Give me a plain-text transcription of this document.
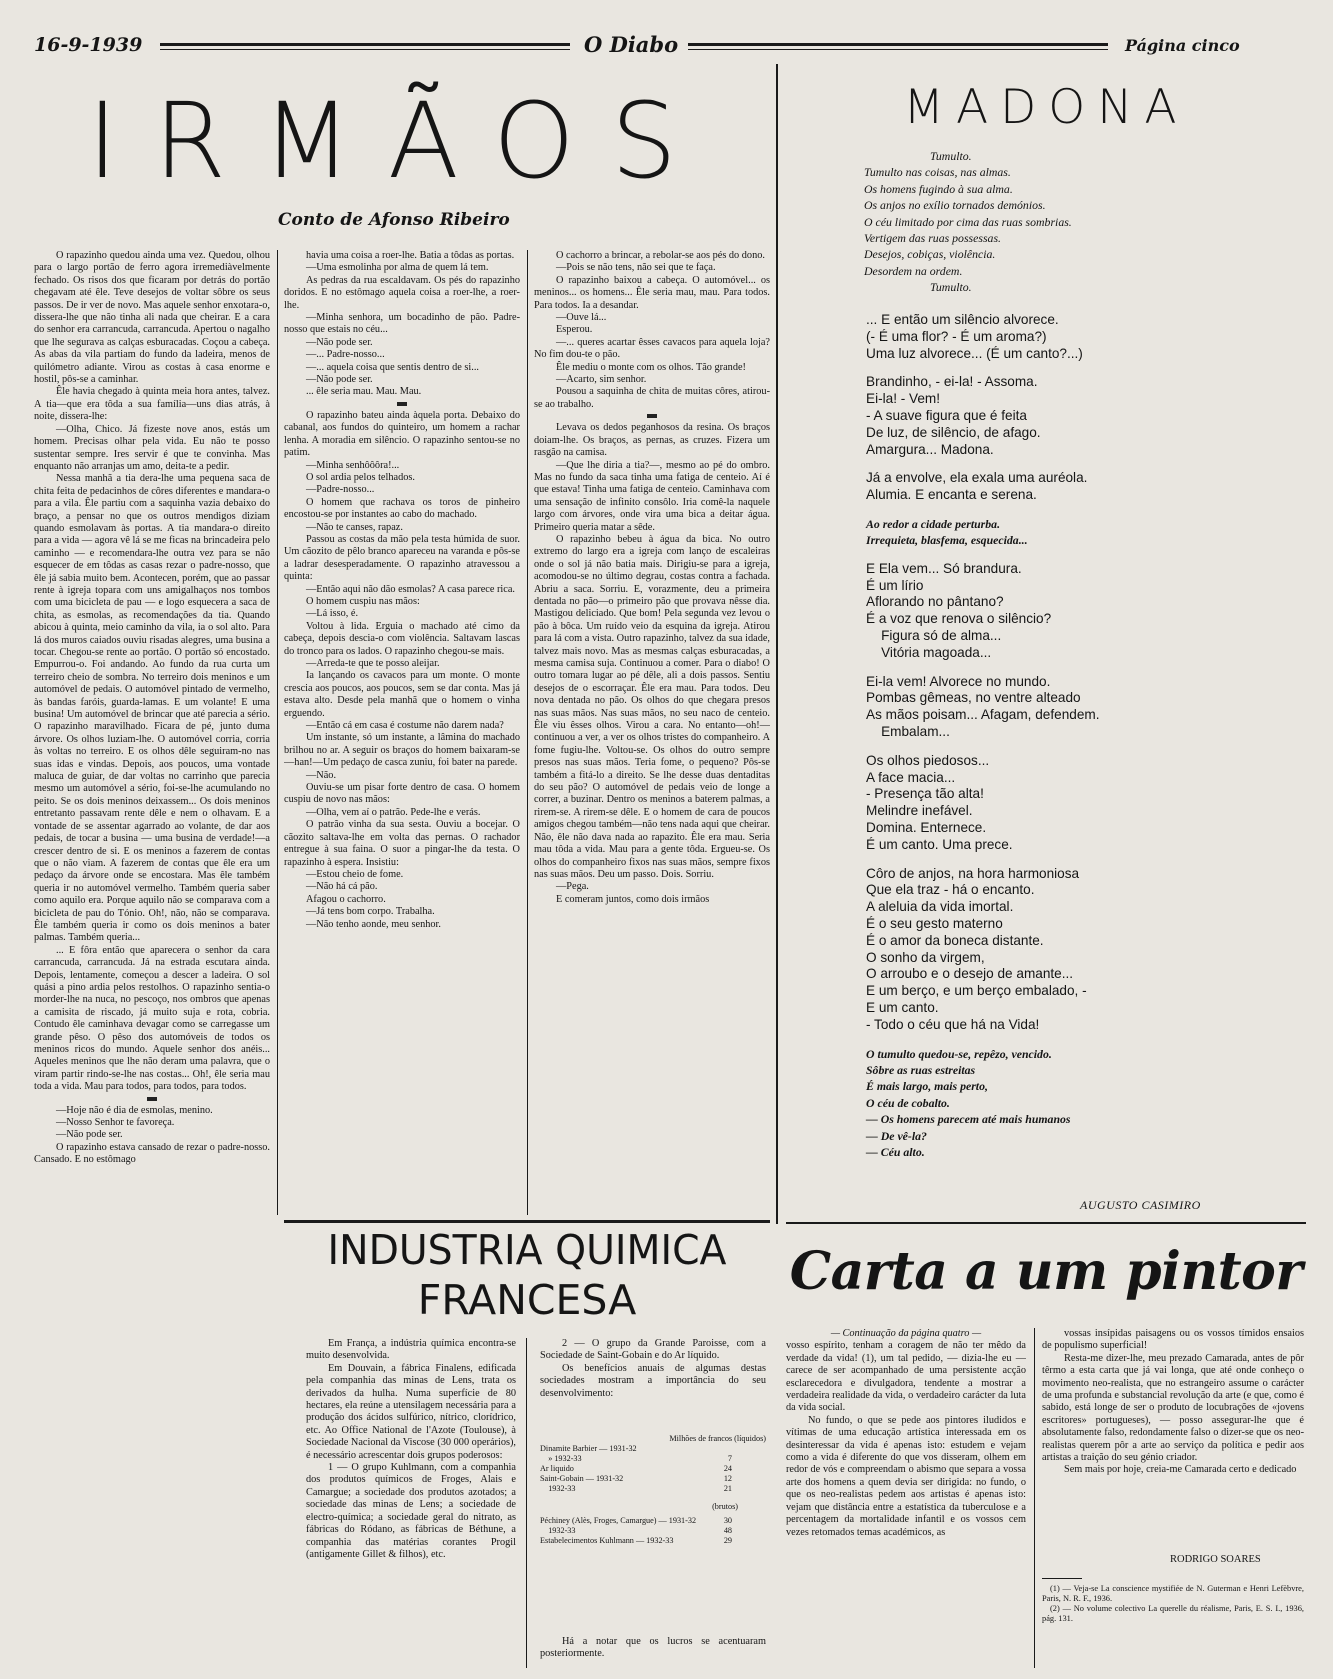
16-9-1939	O Diabo	Página cinco
IRMÃOS
Conto de Afonso Ribeiro

O rapazinho quedou ainda uma vez. Quedou, olhou para o largo portão de ferro agora irremediàvelmente fechado. Os risos dos que ficaram por detrás do portão chegavam até êle. Teve desejos de voltar sôbre os seus passos. De ir ver de novo. Mas aquele senhor enxotara-o, dissera-lhe que não tinha ali nada que cheirar. E a cara do senhor era carrancuda, carrancuda. Apertou o nagalho que lhe segurava as calças esburacadas. Coçou a cabeça. As abas da vila partiam do fundo da ladeira, menos de quilómetro adiante. Virou as costas à casa enorme e hostil, pôs-se a caminhar.

Êle havia chegado à quinta meia hora antes, talvez. A tia—que era tôda a sua família—uns dias atrás, à noite, dissera-lhe:

—Olha, Chico. Já fizeste nove anos, estás um homem. Precisas olhar pela vida. Eu não te posso sustentar sempre. Ires servir é que te convinha. Mas enquanto não arranjas um amo, deita-te a pedir.

Nessa manhã a tia dera-lhe uma pequena saca de chita feita de pedacinhos de côres diferentes e mandara-o para a vila. Êle partiu com a saquinha vazia debaixo do braço, a pensar no que os outros mendigos diziam quando esmolavam às portas. A tia mandara-o direito para a vida — agora vê lá se me ficas na brincadeira pelo caminho — e recomendara-lhe outra vez para se não esquecer de em tôdas as casas rezar o padre-nosso, que êle já sabia muito bem. Acontecen, porém, que ao passar rente à igreja topara com uns amigalhaços nos tombos com uma bicicleta de pau — e logo esquecera a saca de chita, as esmolas, as recomendações da tia. Quando abicou à quinta, meio caminho da vila, ia o sol alto. Para lá dos muros caiados ouviu risadas alegres, uma busina a tocar. Chegou-se rente ao portão. O portão só encostado. Empurrou-o. Foi andando. Ao fundo da rua curta um terreiro cheio de sombra. No terreiro dois meninos e um automóvel de pedais. O automóvel pintado de vermelho, às bandas faróis, guarda-lamas. E um volante! E uma busina! Um automóvel de brincar que até parecia a sério. O rapazinho maravilhado. Ficara de pé, junto duma árvore. Os olhos luziam-lhe. O automóvel corria, corria às voltas no terreiro. E os olhos dêle seguiram-no nas suas idas e vindas. Depois, aos poucos, uma vontade maluca de guiar, de dar voltas no carrinho que parecia mesmo um automóvel a sério, foi-se-lhe acumulando no peito. Se os dois meninos deixassem... Os dois meninos entretanto passavam rente dêle e nem o olhavam. E a vontade de se assentar agarrado ao volante, de dar aos pedais, de tocar a busina — uma busina de verdade!—a crescer dentro de si. E os meninos a fazerem de contas que o não viam. A fazerem de contas que êle era um pedaço da árvore onde se encostara. Mas êle também queria ir no automóvel vermelho. Também queria saber como aquilo era. Porque aquilo não se comparava com a bicicleta de pau do Tónio. Oh!, não, não se comparava. Êle também queria ir como os dois meninos a bater palmas. Também queria...

... E fôra então que aparecera o senhor da cara carrancuda, carrancuda. Já na estrada escutara ainda. Depois, lentamente, começou a descer a ladeira. O sol quási a pino ardia pelos restolhos. O rapazinho sentia-o morder-lhe na nuca, no pescoço, nos ombros que apenas a camisita de riscado, já muito suja e rota, cobria. Contudo êle caminhava devagar como se carregasse um grande pêso. O pêso dos automóveis de todos os meninos ricos do mundo. Aquele senhor dos anéis... Aqueles meninos que lhe não deram uma palavra, que o viram partir rindo-se-lhe nas costas... Oh!, êle seria mau toda a vida. Mau para todos, para todos, para todos.

—Hoje não é dia de esmolas, menino.

—Nosso Senhor te favoreça.

—Não pode ser.

O rapazinho estava cansado de rezar o padre-nosso. Cansado. E no estômago

havia uma coisa a roer-lhe. Batia a tôdas as portas.

—Uma esmolinha por alma de quem lá tem.

As pedras da rua escaldavam. Os pés do rapazinho doridos. E no estômago aquela coisa a roer-lhe, a roer-lhe.

—Minha senhora, um bocadinho de pão. Padre-nosso que estais no céu...

—Não pode ser.

—... Padre-nosso...

—... aquela coisa que sentis dentro de si...

—Não pode ser.

... êle seria mau. Mau. Mau.

O rapazinho bateu ainda àquela porta. Debaixo do cabanal, aos fundos do quinteiro, um homem a rachar lenha. A moradia em silêncio. O rapazinho sentou-se no patim.

—Minha senhôôôra!...

O sol ardia pelos telhados.

—Padre-nosso...

O homem que rachava os toros de pinheiro encostou-se por instantes ao cabo do machado.

—Não te canses, rapaz.

Passou as costas da mão pela testa húmida de suor. Um cãozito de pêlo branco apareceu na varanda e pôs-se a ladrar desesperadamente. O rapazinho atravessou a quinta:

—Então aqui não dão esmolas? A casa parece rica.

O homem cuspiu nas mãos:

—Lá isso, é.

Voltou à lida. Erguia o machado até cimo da cabeça, depois descia-o com violência. Saltavam lascas do tronco para os lados. O rapazinho chegou-se mais.

—Arreda-te que te posso aleijar.

Ia lançando os cavacos para um monte. O monte crescia aos poucos, aos poucos, sem se dar conta. Mas já estava alto. Desde pela manhã que o homem o vinha erguendo.

—Então cá em casa é costume não darem nada?

Um instante, só um instante, a lâmina do machado brilhou no ar. A seguir os braços do homem baixaram-se—han!—Um pedaço de casca zuniu, foi bater na parede.

—Não.

Ouviu-se um pisar forte dentro de casa. O homem cuspiu de novo nas mãos:

—Olha, vem aí o patrão. Pede-lhe e verás.

O patrão vinha da sua sesta. Ouviu a bocejar. O cãozito saltava-lhe em volta das pernas. O rachador entregue à sua faina. O suor a pingar-lhe da testa. O rapazinho à espera. Insistiu:

—Estou cheio de fome.

—Não há cá pão.

Afagou o cachorro.

—Já tens bom corpo. Trabalha.

—Não tenho aonde, meu senhor.

O cachorro a brincar, a rebolar-se aos pés do dono.

—Pois se não tens, não sei que te faça.

O rapazinho baixou a cabeça. O automóvel... os meninos... os homens... Êle seria mau, mau. Para todos. Para todos. Ia a desandar.

—Ouve lá...

Esperou.

—... queres acartar êsses cavacos para aquela loja? No fim dou-te o pão.

Êle mediu o monte com os olhos. Tão grande!

—Acarto, sim senhor.

Pousou a saquinha de chita de muitas côres, atirou-se ao trabalho.

Levava os dedos peganhosos da resina. Os braços doiam-lhe. Os braços, as pernas, as cruzes. Fizera um rasgão na camisa.

—Que lhe diria a tia?—, mesmo ao pé do ombro. Mas no fundo da saca tinha uma fatiga de centeio. Aí é que estava! Tinha uma fatiga de centeio. Caminhava com uma sensação de infinito consôlo. Iria comê-la naquele largo com árvores, onde vira uma bica a deitar água. Primeiro queria matar a sêde.

O rapazinho bebeu à água da bica. No outro extremo do largo era a igreja com lanço de escaleiras onde o sol já não batia mais. Dirigiu-se para a igreja, acomodou-se no último degrau, costas contra a fachada. Abriu a saca. Sorriu. E, vorazmente, deu a primeira dentada no pão—o primeiro pão que provava nêsse dia. Mastigou deliciado. Que bom! Pela segunda vez levou o pão à bôca. Um ruído veio da esquina da igreja. Atirou para lá com a vista. Outro rapazinho, talvez da sua idade, talvez mais novo. Mas as mesmas calças esburacadas, a mesma camisa suja. Continuou a comer. Para o diabo! O outro tomara lugar ao pé dêle, ali a dois passos. Sentiu desejos de o escorraçar. Êle era mau. Para todos. Deu nova dentada no pão. Os olhos do que chegara presos nas suas mãos. Nas suas mãos, no seu naco de centeio. Êle viu êsses olhos. Virou a cara. No entanto—oh!—continuou a ver, a ver os olhos tristes do companheiro. A fome fugiu-lhe. Voltou-se. Os olhos do outro sempre presos nas suas mãos. Teria fome, o pequeno? Pôs-se também a fitá-lo a direito. Se lhe desse duas dentaditas do seu pão? O automóvel de pedais veio de longe a correr, a buzinar. Dentro os meninos a baterem palmas, a rirem-se. A rirem-se dêle. E o homem de cara de poucos amigos chegou também—não tens nada aqui que cheirar. Não, êle não dava nada ao rapazito. Êle era mau. Seria mau tôda a vida. Mau para a gente tôda. Ergueu-se. Os olhos do companheiro fixos nas suas mãos, sempre fixos nas suas mãos. Deu um passo. Dois. Sorriu.

—Pega.

E comeram juntos, como dois irmãos

MADONA
Tumulto.
Tumulto nas coisas, nas almas.
Os homens fugindo à sua alma.
Os anjos no exílio tornados demónios.
O céu limitado por cima das ruas sombrias.
Vertigem das ruas possessas.
Desejos, cobiças, violência.
Desordem na ordem.
Tumulto.
... E então um silêncio alvorece.
(- É uma flor? - É um aroma?)
Uma luz alvorece... (É um canto?...)
Brandinho, - ei-la! - Assoma.
Ei-la! - Vem!
- A suave figura que é feita
De luz, de silêncio, de afago.
Amargura... Madona.
Já a envolve, ela exala uma auréola.
Alumia. E encanta e serena.
Ao redor a cidade perturba.
Irrequieta, blasfema, esquecida...
E Ela vem... Só brandura.
É um lírio
Aflorando no pântano?
É a voz que renova o silêncio?
Figura só de alma...
Vitória magoada...
Ei-la vem! Alvorece no mundo.
Pombas gêmeas, no ventre alteado
As mãos poisam... Afagam, defendem.
Embalam...
Os olhos piedosos...
A face macia...
- Presença tão alta!
Melindre inefável.
Domina. Enternece.
É um canto. Uma prece.
Côro de anjos, na hora harmoniosa
Que ela traz - há o encanto.
A aleluia da vida imortal.
É o seu gesto materno
É o amor da boneca distante.
O sonho da virgem,
O arroubo e o desejo de amante...
E um berço, e um berço embalado, -
E um canto.
- Todo o céu que há na Vida!
O tumulto quedou-se, repêzo, vencido.
Sôbre as ruas estreitas
É mais largo, mais perto,
O céu de cobalto.
— Os homens parecem até mais humanos
— De vê-la?
— Céu alto.
AUGUSTO CASIMIRO
INDUSTRIA QUIMICA
FRANCESA

Em França, a indústria química encontra-se muito desenvolvida.

Em Douvain, a fábrica Finalens, edificada pela companhia das minas de Lens, trata os derivados da hulha. Numa superfície de 80 hectares, ela reúne a utensilagem necessária para a produção dos ácidos sulfúrico, nítrico, clorídrico, etc. Ao Office National de l'Azote (Toulouse), à Sociedade Nacional da Viscose (30 000 operários), é necessário acrescentar dois grupos poderosos:

1 — O grupo Kuhlmann, com a companhia dos produtos químicos de Froges, Alais e Camargue; a sociedade dos produtos azotados; a sociedade das minas de Lens; a sociedade de electro-química; a sociedade geral do nitrato, as fábricas do Ródano, as fábricas de Béthune, a companhia das matérias corantes Progil (antigamente Gillet & filhos), etc.

2 — O grupo da Grande Paroisse, com a Sociedade de Saint-Gobain e do Ar líquido.

Os benefícios anuais de algumas destas sociedades mostram a importância do seu desenvolvimento:

Milhões de francos (líquidos)
Dinamite Barbier — 1931-32
» 1932-33	7
Ar liquido	24
Saint-Gobain — 1931-32	12
1932-33	21
(brutos)
Péchiney (Alès, Froges, Camargue) — 1931-32	30
1932-33	48
Estabelecimentos Kuhlmann — 1932-33	29

Há a notar que os lucros se acentuaram posteriormente.

Carta a um pintor

— Continuação da página quatro —

vosso espírito, tenham a coragem de não ter mêdo da verdade da vida! (1), um tal pedido, — dizia-lhe eu — carece de ser acompanhado de uma persistente acção esclarecedora e divulgadora, tendente a mostrar a verdadeira realidade da vida, o verdadeiro carácter da luta da vida social.

No fundo, o que se pede aos pintores iludidos e vítimas de uma educação artística interessada em os desinteressar da vida é apenas isto: estudem e vejam como a vida é diferente do que vos disseram, olhem em redor de vós e compreendam o abismo que separa a vossa arte dos homens a quem devia ser dirigida: no fundo, o que os neo-realistas pedem aos artistas é apenas isto: vejam que distância entre a estatística da tuberculose e a percentagem da mortalidade infantil e os vossos cem vezes retomados temas académicos, as

vossas insípidas paisagens ou os vossos tímidos ensaios de populismo superficial!

Resta-me dizer-lhe, meu prezado Camarada, antes de pôr têrmo a esta carta que já vai longa, que até onde conheço o movimento neo-realista, que no estrangeiro assume o carácter de uma profunda e substancial revolução da arte (e que, como é sabido, está longe de ser o produto de locubrações de «jovens escritores» portugueses), — posso assegurar-lhe que é absolutamente falso, redondamente falso o dizer-se que os neo-realistas querem pôr a arte ao serviço da política e pedir aos artistas a traição do seu génio criador.

Sem mais por hoje, creia-me Camarada certo e dedicado

RODRIGO SOARES

(1) — Veja-se La conscience mystifiée de N. Guterman e Henri Lefèbvre, Paris, N. R. F., 1936.

(2) — No volume colectivo La querelle du réalisme, Paris, E. S. I., 1936, pág. 131.
